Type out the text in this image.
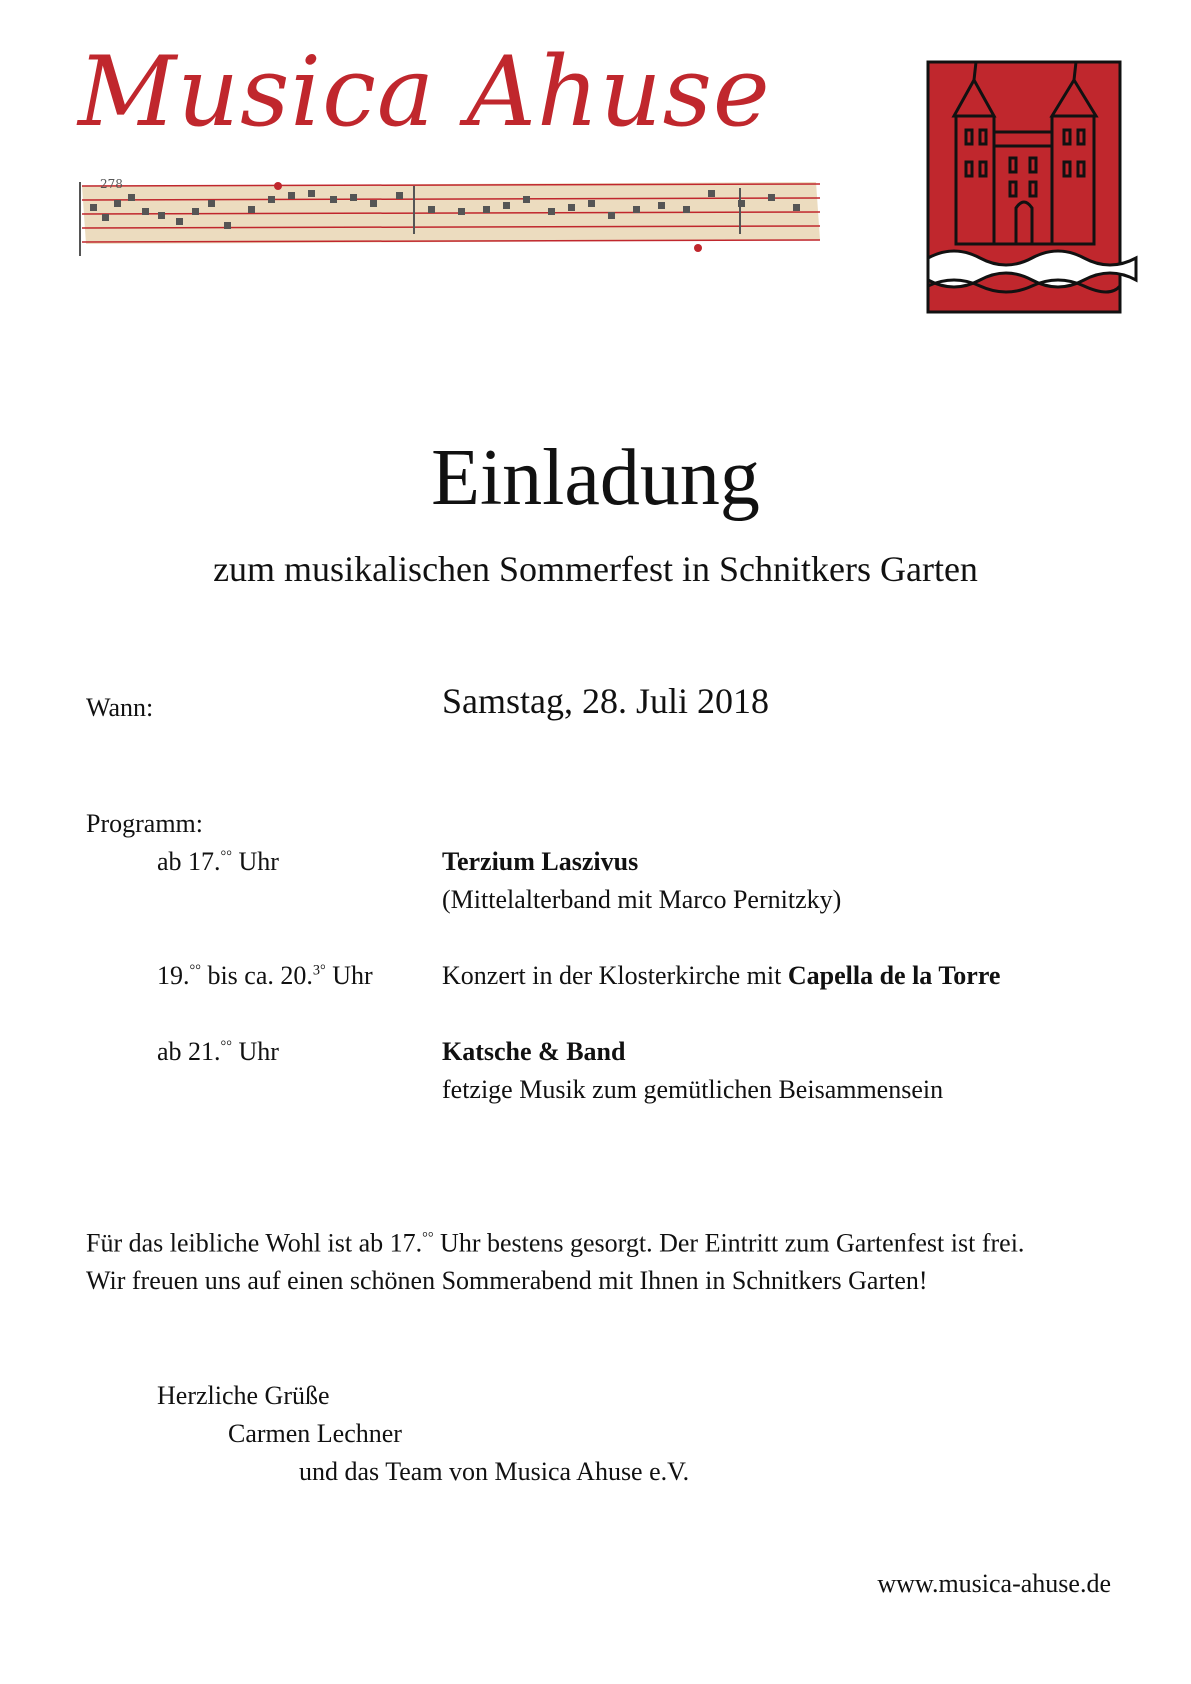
Musica Ahuse
278
Einladung
zum musikalischen Sommerfest in Schnitkers Garten
Wann:	Samstag, 28. Juli 2018
Programm:
ab 17.°° Uhr	Terzium Laszivus
(Mittelalterband mit Marco Pernitzky)
19.°° bis ca. 20.$^{3^\circ}$ Uhr	Konzert in der Klosterkirche mit Capella de la Torre
ab 21.°° Uhr	Katsche & Band
fetzige Musik zum gemütlichen Beisammensein
Für das leibliche Wohl ist ab 17.°° Uhr bestens gesorgt. Der Eintritt zum Gartenfest ist frei.
Wir freuen uns auf einen schönen Sommerabend mit Ihnen in Schnitkers Garten!
Herzliche Grüße
Carmen Lechner
und das Team von Musica Ahuse e.V.
www.musica-ahuse.de
